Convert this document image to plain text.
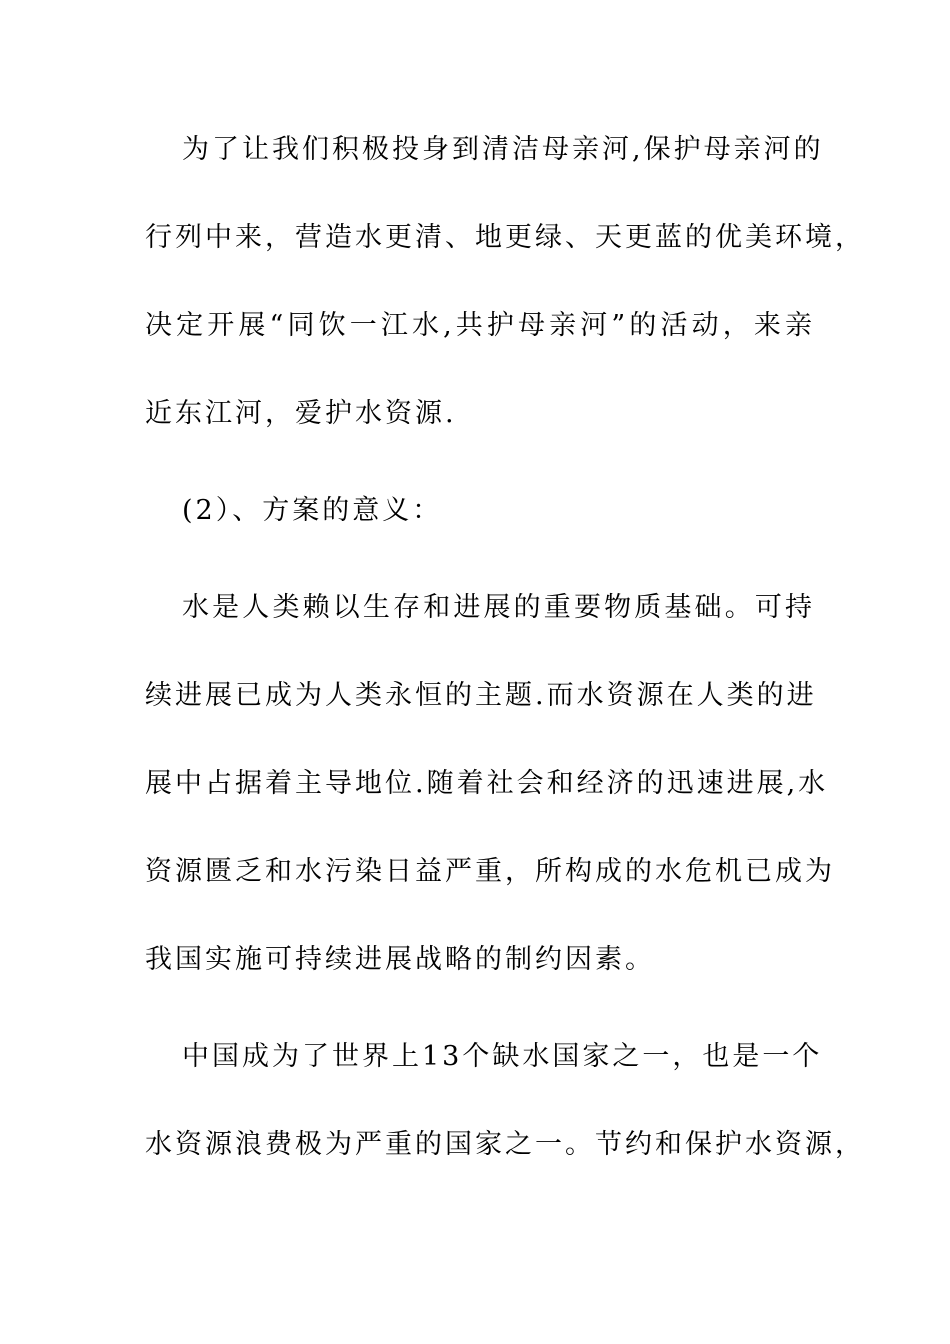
为了让我们积极投身到清洁母亲河,保护母亲河的
行列中来，营造水更清、地更绿、天更蓝的优美环境，
决定开展“同饮一江水,共护母亲河”的活动，来亲
近东江河，爱护水资源.
(2）、方案的意义：
水是人类赖以生存和进展的重要物质基础。可持
续进展已成为人类永恒的主题.而水资源在人类的进
展中占据着主导地位.随着社会和经济的迅速进展,水
资源匮乏和水污染日益严重，所构成的水危机已成为
我国实施可持续进展战略的制约因素。
中国成为了世界上13个缺水国家之一，也是一个
水资源浪费极为严重的国家之一。节约和保护水资源，
